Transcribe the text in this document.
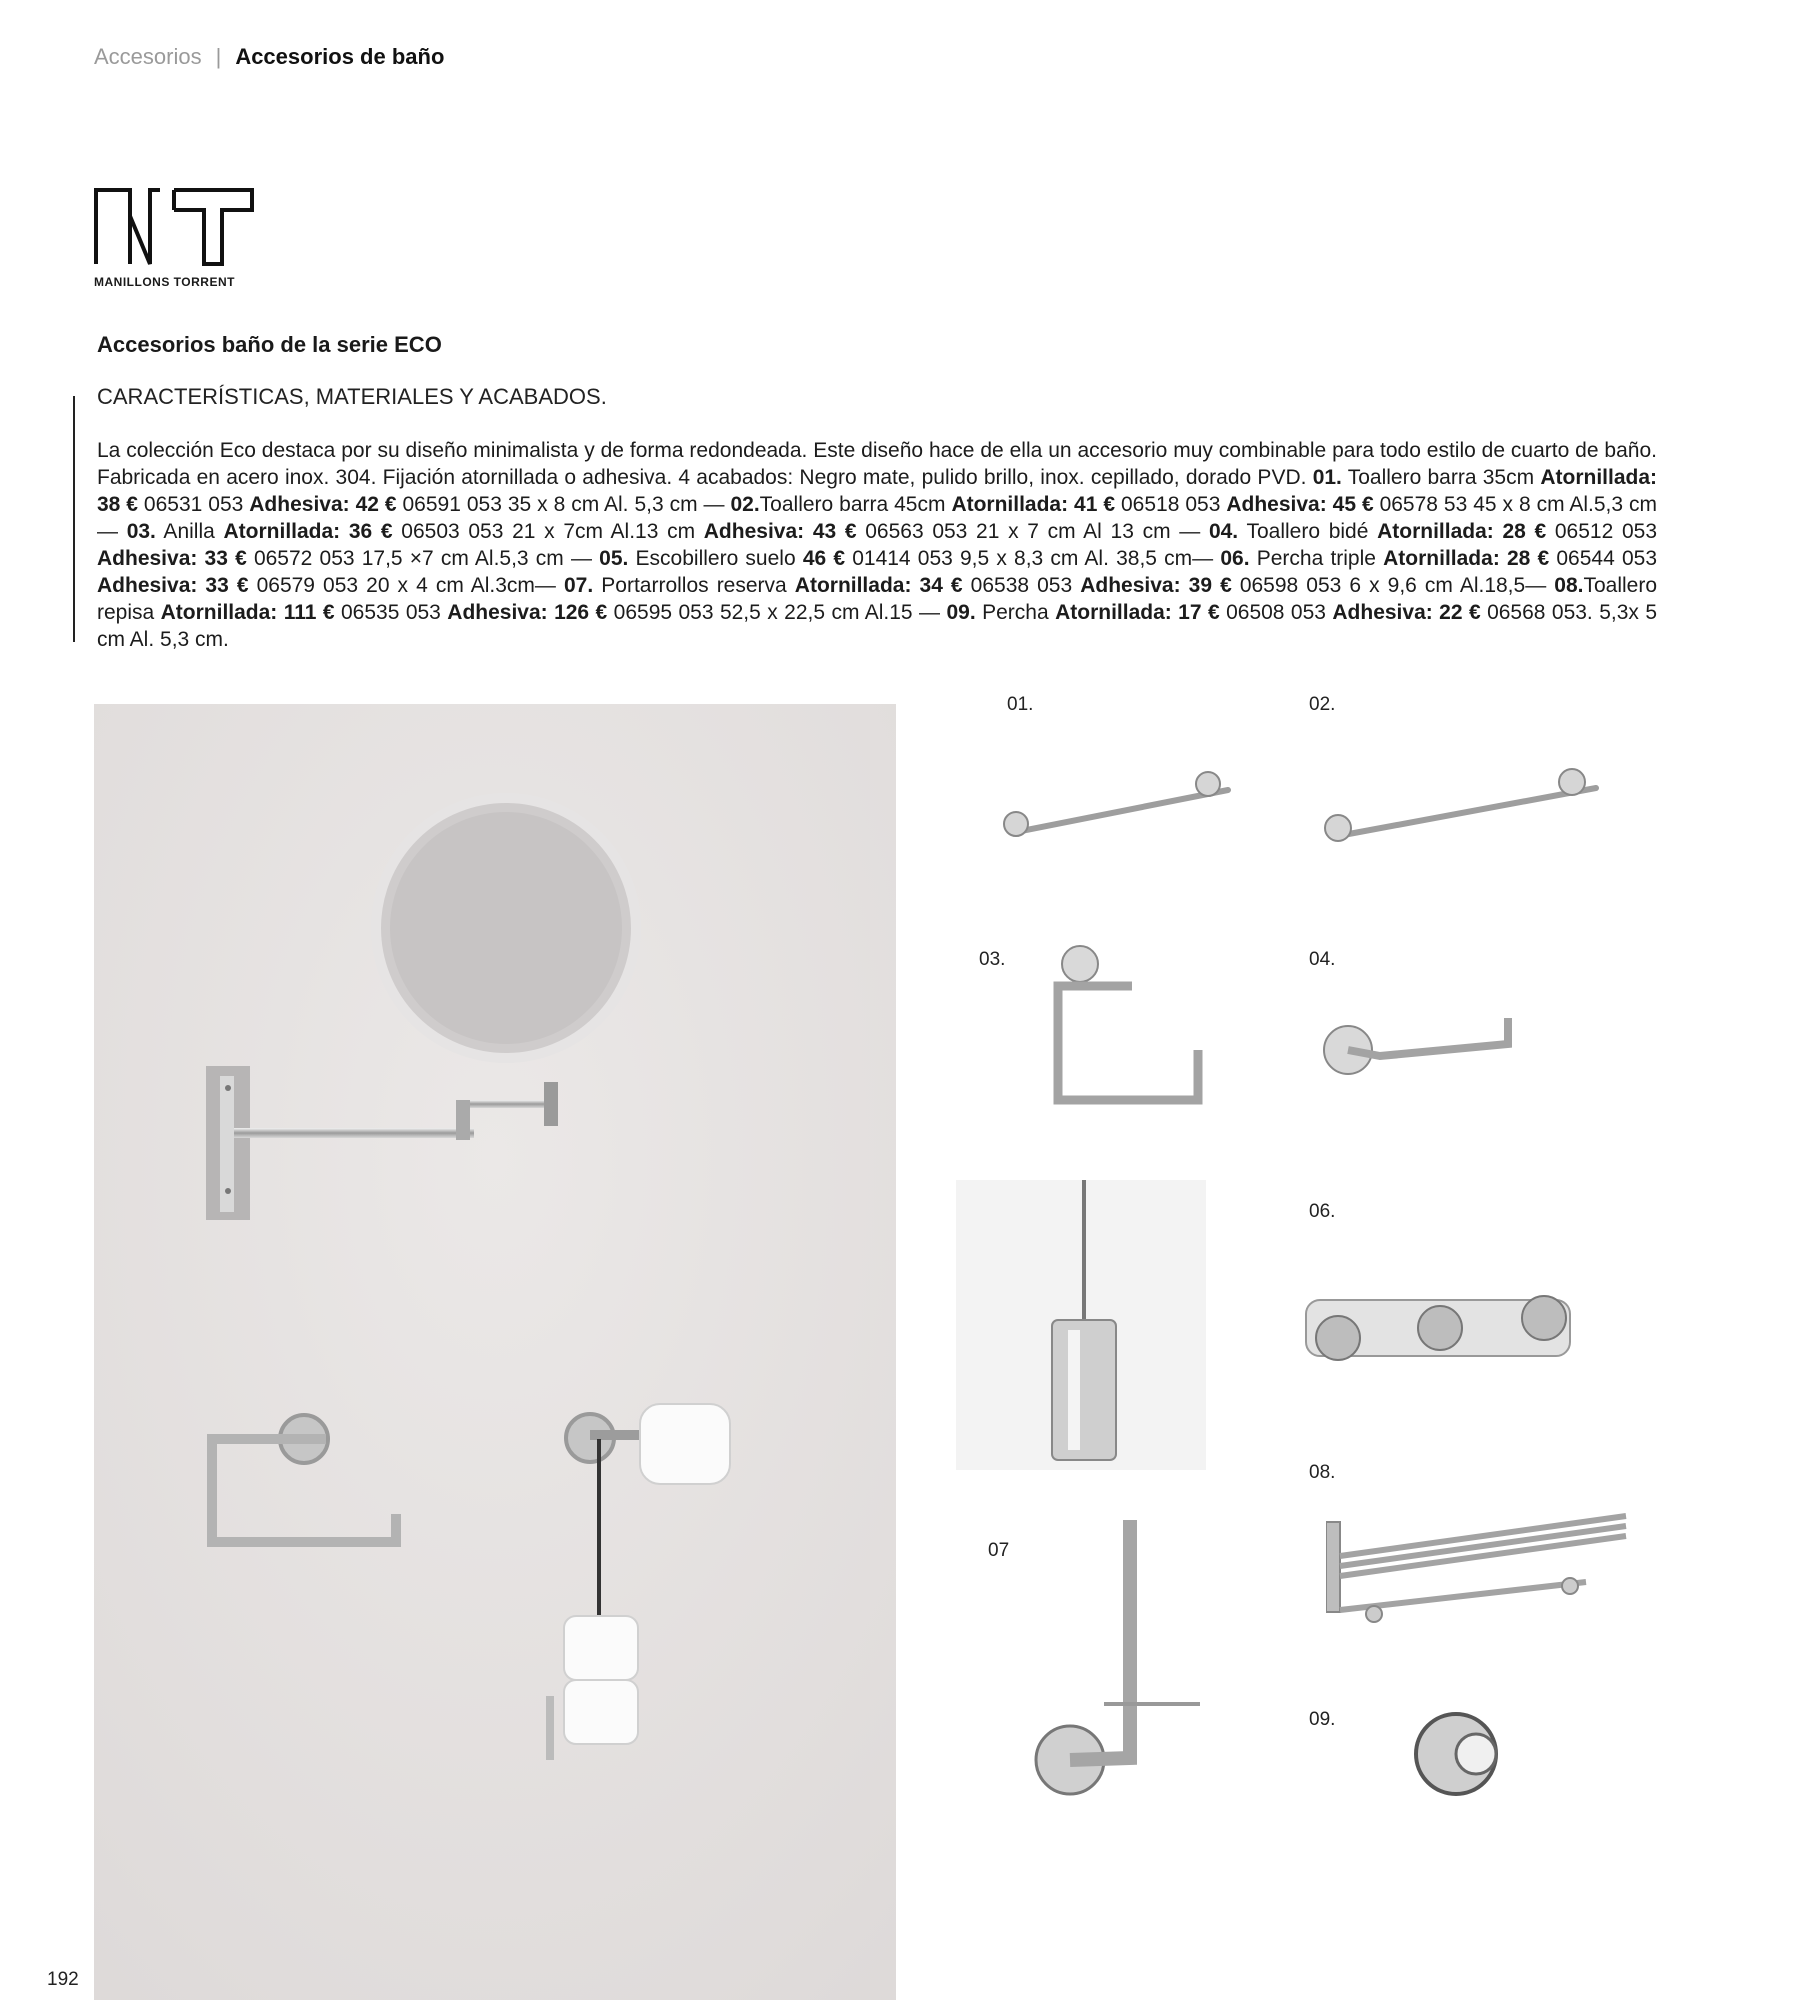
Accesorios | Accesorios de baño
MANILLONS TORRENT
Accesorios baño de la serie ECO
CARACTERÍSTICAS, MATERIALES Y ACABADOS.
La colección Eco destaca por su diseño minimalista y de forma redondeada. Este diseño hace de ella un accesorio muy combinable para todo estilo de cuarto de baño. Fabricada en acero inox. 304. Fijación atornillada o adhesiva. 4 acabados: Negro mate, pulido brillo, inox. cepillado, dorado PVD. 01. Toallero barra 35cm Atornillada: 38 € 06531 053 Adhesiva: 42 € 06591 053 35 x 8 cm Al. 5,3 cm — 02.Toallero barra 45cm Atornillada: 41 € 06518 053 Adhesiva: 45 € 06578 53 45 x 8 cm Al.5,3 cm — 03. Anilla Atornillada: 36 € 06503 053 21 x 7cm Al.13 cm Adhesiva: 43 € 06563 053 21 x 7 cm Al 13 cm — 04. Toallero bidé Atornillada: 28 € 06512 053 Adhesiva: 33 € 06572 053 17,5 ×7 cm Al.5,3 cm — 05. Escobillero suelo 46 € 01414 053 9,5 x 8,3 cm Al. 38,5 cm— 06. Percha triple Atornillada: 28 € 06544 053 Adhesiva: 33 € 06579 053 20 x 4 cm Al.3cm— 07. Portarrollos reserva Atornillada: 34 € 06538 053 Adhesiva: 39 € 06598 053 6 x 9,6 cm Al.18,5— 08.Toallero repisa Atornillada: 111 € 06535 053 Adhesiva: 126 € 06595 053 52,5 x 22,5 cm Al.15 — 09. Percha Atornillada: 17 € 06508 053 Adhesiva: 22 € 06568 053. 5,3x 5 cm Al. 5,3 cm.
01.	02.
03.	04.
06.
07
08.
09.
192
